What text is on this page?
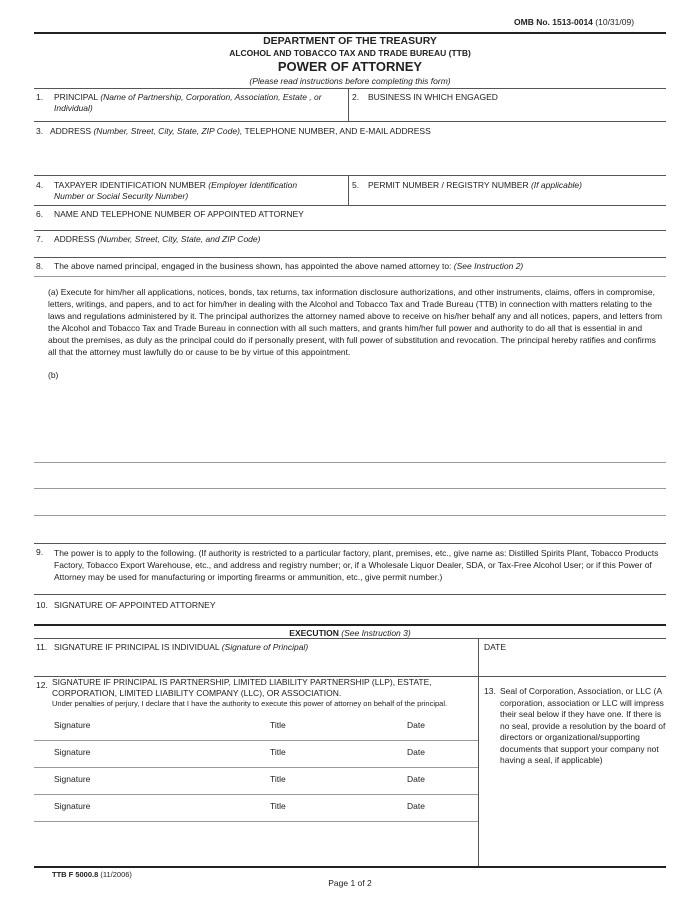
OMB No. 1513-0014 (10/31/09)
DEPARTMENT OF THE TREASURY
ALCOHOL AND TOBACCO TAX AND TRADE BUREAU (TTB)
POWER OF ATTORNEY
(Please read instructions before completing this form)
1. PRINCIPAL (Name of Partnership, Corporation, Association, Estate , or
Individual)
2. BUSINESS IN WHICH ENGAGED
3. ADDRESS (Number, Street, City, State, ZIP Code), TELEPHONE NUMBER, AND E-MAIL ADDRESS
4. TAXPAYER IDENTIFICATION NUMBER (Employer Identification
Number or Social Security Number)
5. PERMIT NUMBER / REGISTRY NUMBER (If applicable)
6. NAME AND TELEPHONE NUMBER OF APPOINTED ATTORNEY
7. ADDRESS (Number, Street, City, State, and ZIP Code)
8. The above named principal, engaged in the business shown, has appointed the above named attorney to: (See Instruction 2)
(a) Execute for him/her all applications, notices, bonds, tax returns, tax information disclosure authorizations, and other instruments, claims, offers in compromise, letters, writings, and papers, and to act for him/her in dealing with the Alcohol and Tobacco Tax and Trade Bureau (TTB) in connection with matters relating to the laws and regulations administered by it. The principal authorizes the attorney named above to receive on his/her behalf any and all notices, papers, and letters from the Alcohol and Tobacco Tax and Trade Bureau in connection with all such matters, and grants him/her full power and authority to do all that is essential in and about the premises, as duly as the principal could do if personally present, with full power of substitution and revocation. The principal hereby ratifies and confirms all that the attorney must lawfully do or cause to be by virtue of this appointment.
(b)
9. The power is to apply to the following. (If authority is restricted to a particular factory, plant, premises, etc., give name as: Distilled Spirits Plant, Tobacco Products Factory, Tobacco Export Warehouse, etc., and address and registry number; or, if a Wholesale Liquor Dealer, SDA, or Tax-Free Alcohol User; or if this Power of Attorney may be used for manufacturing or importing firearms or ammunition, etc., give permit number.)
10. SIGNATURE OF APPOINTED ATTORNEY
EXECUTION (See Instruction 3)
11. SIGNATURE IF PRINCIPAL IS INDIVIDUAL (Signature of Principal)	DATE
12. SIGNATURE IF PRINCIPAL IS PARTNERSHIP, LIMITED LIABILITY PARTNERSHIP (LLP), ESTATE,
CORPORATION, LIMITED LIABILITY COMPANY (LLC), OR ASSOCIATION.
Under penalties of perjury, I declare that I have the authority to execute this power of attorney on behalf of the principal.
Signature	Title	Date
Signature	Title	Date
Signature	Title	Date
Signature	Title	Date
13. Seal of Corporation, Association, or LLC (A corporation, association or LLC will impress their seal below if they have one. If there is no seal, provide a resolution by the board of directors or organizational/supporting documents that support your company not having a seal, if applicable)
TTB F 5000.8 (11/2006)
Page 1 of 2
